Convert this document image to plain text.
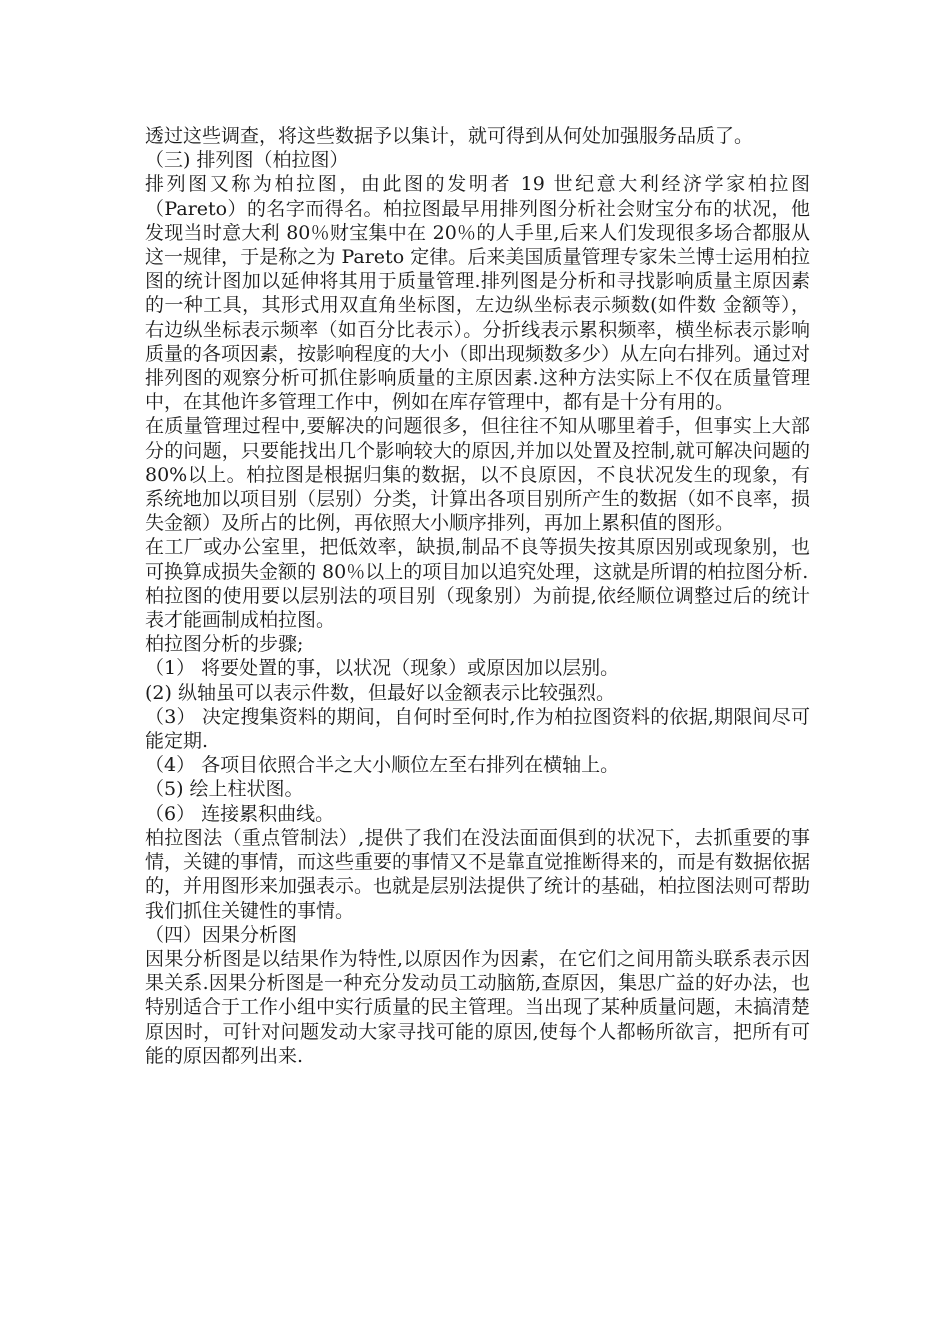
透过这些调查，将这些数据予以集计，就可得到从何处加强服务品质了。

（三) 排列图（柏拉图）

排列图又称为柏拉图，由此图的发明者 19 世纪意大利经济学家柏拉图（Pareto）的名字而得名。柏拉图最早用排列图分析社会财宝分布的状况，他发现当时意大利 80％财宝集中在 20％的人手里,后来人们发现很多场合都服从这一规律，于是称之为 Pareto 定律。后来美国质量管理专家朱兰博士运用柏拉图的统计图加以延伸将其用于质量管理.排列图是分析和寻找影响质量主原因素的一种工具，其形式用双直角坐标图，左边纵坐标表示频数(如件数 金额等），右边纵坐标表示频率（如百分比表示）。分折线表示累积频率，横坐标表示影响质量的各项因素，按影响程度的大小（即出现频数多少）从左向右排列。通过对排列图的观察分析可抓住影响质量的主原因素.这种方法实际上不仅在质量管理中，在其他许多管理工作中，例如在库存管理中，都有是十分有用的。

在质量管理过程中,要解决的问题很多，但往往不知从哪里着手，但事实上大部分的问题，只要能找出几个影响较大的原因,并加以处置及控制,就可解决问题的 80%以上。柏拉图是根据归集的数据，以不良原因，不良状况发生的现象，有系统地加以项目别（层别）分类，计算出各项目别所产生的数据（如不良率，损失金额）及所占的比例，再依照大小顺序排列，再加上累积值的图形。

在工厂或办公室里，把低效率，缺损,制品不良等损失按其原因别或现象别，也可换算成损失金额的 80％以上的项目加以追究处理，这就是所谓的柏拉图分析.

柏拉图的使用要以层别法的项目别（现象别）为前提,依经顺位调整过后的统计表才能画制成柏拉图。

柏拉图分析的步骤;

（1） 将要处置的事，以状况（现象）或原因加以层别。

(2) 纵轴虽可以表示件数，但最好以金额表示比较强烈。

（3） 决定搜集资料的期间，自何时至何时,作为柏拉图资料的依据,期限间尽可能定期.

（4） 各项目依照合半之大小顺位左至右排列在横轴上。

（5) 绘上柱状图。

（6） 连接累积曲线。

柏拉图法（重点管制法）,提供了我们在没法面面俱到的状况下，去抓重要的事情，关键的事情，而这些重要的事情又不是靠直觉推断得来的，而是有数据依据的，并用图形来加强表示。也就是层别法提供了统计的基础，柏拉图法则可帮助我们抓住关键性的事情。

（四）因果分析图

因果分析图是以结果作为特性,以原因作为因素，在它们之间用箭头联系表示因果关系.因果分析图是一种充分发动员工动脑筋,查原因，集思广益的好办法，也特别适合于工作小组中实行质量的民主管理。当出现了某种质量问题，未搞清楚原因时，可针对问题发动大家寻找可能的原因,使每个人都畅所欲言，把所有可能的原因都列出来.
